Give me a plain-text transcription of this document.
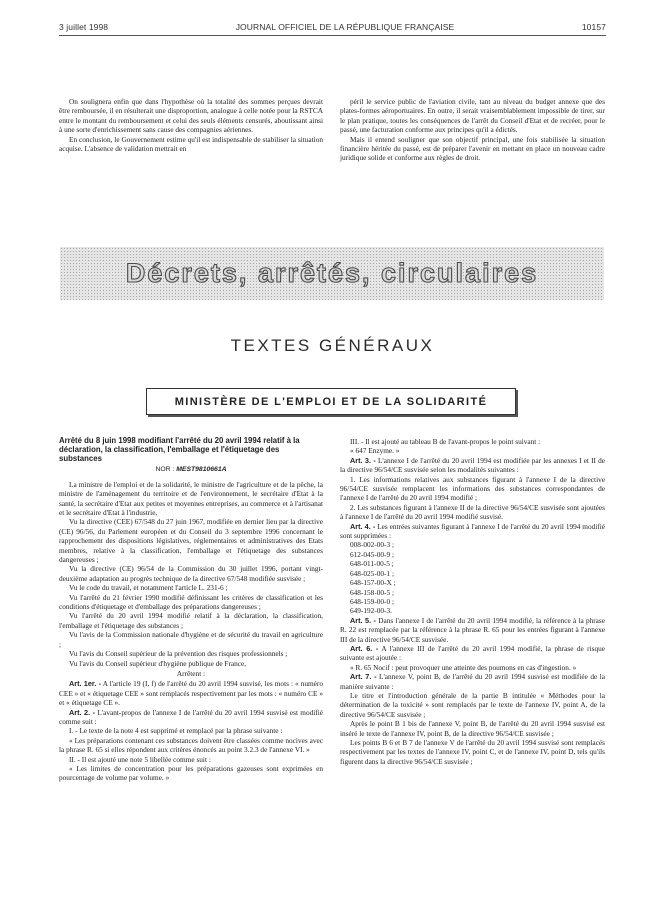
3 juillet 1998	JOURNAL OFFICIEL DE LA RÉPUBLIQUE FRANÇAISE	10157

On soulignera enfin que dans l'hypothèse où la totalité des sommes perçues devrait être remboursée, il en résulterait une disproportion, analogue à celle notée pour la RSTCA entre le montant du remboursement et celui des seuls éléments censurés, aboutissant ainsi à une sorte d'enrichissement sans cause des compagnies aériennes.

En conclusion, le Gouvernement estime qu'il est indispensable de stabiliser la situation acquise. L'absence de validation mettrait en

péril le service public de l'aviation civile, tant au niveau du budget annexe que des plates-formes aéroportuaires. En outre, il serait vraisemblablement impossible de tirer, sur le plan pratique, toutes les conséquences de l'arrêt du Conseil d'Etat et de recréer, pour le passé, une facturation conforme aux principes qu'il a édictés.

Mais il entend souligner que son objectif principal, une fois stabilisée la situation financière héritée du passé, est de préparer l'avenir en mettant en place un nouveau cadre juridique solide et conforme aux règles de droit.

Décrets, arrêtés, circulaires
TEXTES GÉNÉRAUX
MINISTÈRE DE L'EMPLOI ET DE LA SOLIDARITÉ
Arrêté du 8 juin 1998 modifiant l'arrêté du 20 avril 1994 relatif à la déclaration, la classification, l'emballage et l'étiquetage des substances
NOR : MESТ9810661A

La ministre de l'emploi et de la solidarité, le ministre de l'agriculture et de la pêche, la ministre de l'aménagement du territoire et de l'environnement, le secrétaire d'Etat à la santé, la secrétaire d'Etat aux petites et moyennes entreprises, au commerce et à l'artisanat et le secrétaire d'Etat à l'industrie,

Vu la directive (CEE) 67/548 du 27 juin 1967, modifiée en dernier lieu par la directive (CE) 96/56, du Parlement européen et du Conseil du 3 septembre 1996 concernant le rapprochement des dispositions législatives, réglementaires et administratives des Etats membres, relative à la classification, l'emballage et l'étiquetage des substances dangereuses ;

Vu la directive (CE) 96/54 de la Commission du 30 juillet 1996, portant vingt-deuxième adaptation au progrès technique de la directive 67/548 modifiée susvisée ;

Vu le code du travail, et notamment l'article L. 231-6 ;

Vu l'arrêté du 21 février 1990 modifié définissant les critères de classification et les conditions d'étiquetage et d'emballage des préparations dangereuses ;

Vu l'arrêté du 20 avril 1994 modifié relatif à la déclaration, la classification, l'emballage et l'étiquetage des substances ;

Vu l'avis de la Commission nationale d'hygiène et de sécurité du travail en agriculture ;

Vu l'avis du Conseil supérieur de la prévention des risques professionnels ;

Vu l'avis du Conseil supérieur d'hygiène publique de France,

Arrêtent :

Art. 1er. - A l'article 19 (I, f) de l'arrêté du 20 avril 1994 susvisé, les mots : « numéro CEE » et « étiquetage CEE » sont remplacés respectivement par les mots : « numéro CE » et « étiquetage CE ».

Art. 2. - L'avant-propos de l'annexe I de l'arrêté du 20 avril 1994 susvisé est modifié comme suit :

I. - Le texte de la note 4 est supprimé et remplacé par la phrase suivante :

« Les préparations contenant ces substances doivent être classées comme nocives avec la phrase R. 65 si elles répondent aux critères énoncés au point 3.2.3 de l'annexe VI. »

II. - Il est ajouté une note 5 libellée comme suit :

« Les limites de concentration pour les préparations gazeuses sont exprimées en pourcentage de volume par volume. »

III. - Il est ajouté au tableau B de l'avant-propos le point suivant :

« 647 Enzyme. »

Art. 3. - L'annexe I de l'arrêté du 20 avril 1994 est modifiée par les annexes I et II de la directive 96/54/CE susvisée selon les modalités suivantes :

1. Les informations relatives aux substances figurant à l'annexe I de la directive 96/54/CE susvisée remplacent les informations des substances correspondantes de l'annexe I de l'arrêté du 20 avril 1994 modifié ;

2. Les substances figurant à l'annexe II de la directive 96/54/CE susvisée sont ajoutées à l'annexe I de l'arrêté du 20 avril 1994 modifié susvisé.

Art. 4. - Les entrées suivantes figurant à l'annexe I de l'arrêté du 20 avril 1994 modifié sont supprimées :

008-002-00-3 ;
612-045-00-9 ;
648-011-00-5 ;
648-025-00-1 ;
648-157-00-X ;
648-158-00-5 ;
648-159-00-0 ;
649-192-00-3.

Art. 5. - Dans l'annexe I de l'arrêté du 20 avril 1994 modifié, la référence à la phrase R. 22 est remplacée par la référence à la phrase R. 65 pour les entrées figurant à l'annexe III de la directive 96/54/CE susvisée.

Art. 6. - A l'annexe III de l'arrêté du 20 avril 1994 modifié, la phrase de risque suivante est ajoutée :

« R. 65 Nocif : peut provoquer une atteinte des poumons en cas d'ingestion. »

Art. 7. - L'annexe V, point B, de l'arrêté du 20 avril 1994 susvisé est modifiée de la manière suivante :

Le titre et l'introduction générale de la partie B intitulée « Méthodes pour la détermination de la toxicité » sont remplacés par le texte de l'annexe IV, point A, de la directive 96/54/CE susvisée ;

Après le point B 1 bis de l'annexe V, point B, de l'arrêté du 20 avril 1994 susvisé est inséré le texte de l'annexe IV, point B, de la directive 96/54/CE susvisée ;

Les points B 6 et B 7 de l'annexe V de l'arrêté du 20 avril 1994 susvisé sont remplacés respectivement par les textes de l'annexe IV, point C, et de l'annexe IV, point D, tels qu'ils figurent dans la directive 96/54/CE susvisée ;
